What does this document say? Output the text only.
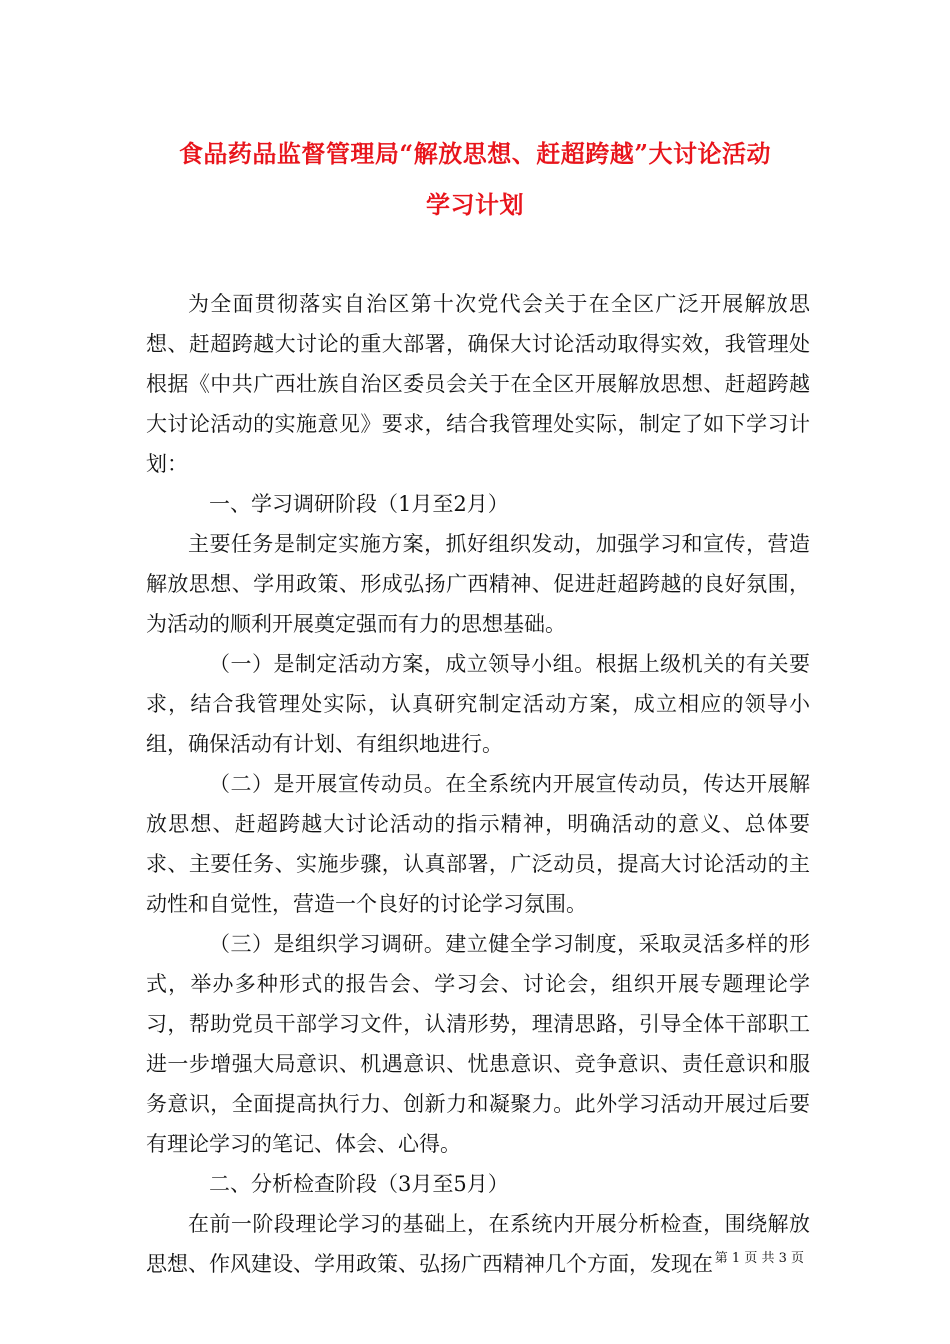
食品药品监督管理局“解放思想、赶超跨越”大讨论活动
学习计划

为全面贯彻落实自治区第十次党代会关于在全区广泛开展解放思想、赶超跨越大讨论的重大部署，确保大讨论活动取得实效，我管理处根据《中共广西壮族自治区委员会关于在全区开展解放思想、赶超跨越大讨论活动的实施意见》要求，结合我管理处实际，制定了如下学习计划：

一、学习调研阶段（1月至2月）

主要任务是制定实施方案，抓好组织发动，加强学习和宣传，营造解放思想、学用政策、形成弘扬广西精神、促进赶超跨越的良好氛围，为活动的顺利开展奠定强而有力的思想基础。

（一）是制定活动方案，成立领导小组。根据上级机关的有关要求，结合我管理处实际，认真研究制定活动方案，成立相应的领导小组，确保活动有计划、有组织地进行。

（二）是开展宣传动员。在全系统内开展宣传动员，传达开展解放思想、赶超跨越大讨论活动的指示精神，明确活动的意义、总体要求、主要任务、实施步骤，认真部署，广泛动员，提高大讨论活动的主动性和自觉性，营造一个良好的讨论学习氛围。

（三）是组织学习调研。建立健全学习制度，采取灵活多样的形式，举办多种形式的报告会、学习会、讨论会，组织开展专题理论学习，帮助党员干部学习文件，认清形势，理清思路，引导全体干部职工进一步增强大局意识、机遇意识、忧患意识、竞争意识、责任意识和服务意识，全面提高执行力、创新力和凝聚力。此外学习活动开展过后要有理论学习的笔记、体会、心得。

二、分析检查阶段（3月至5月）

在前一阶段理论学习的基础上，在系统内开展分析检查，围绕解放思想、作风建设、学用政策、弘扬广西精神几个方面，发现在 第 1 页 共 3 页
